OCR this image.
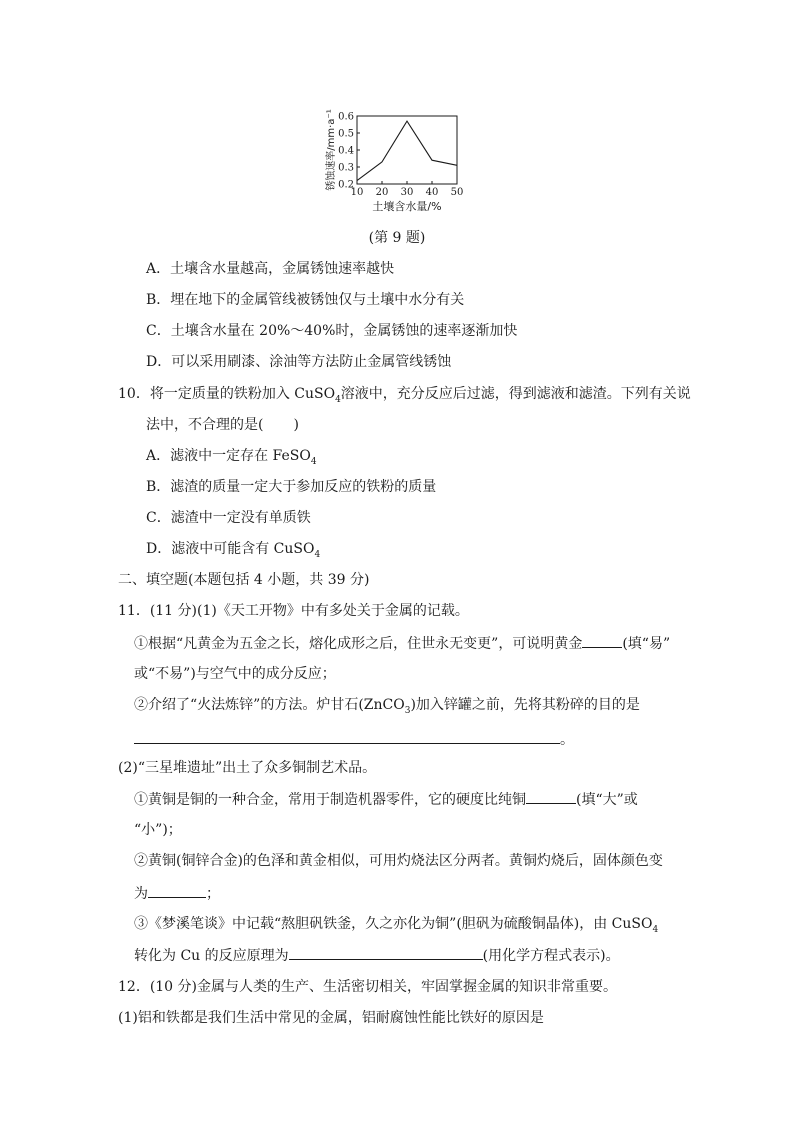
0.2
0.3
0.4
0.5
0.6
10 20 30 40 50
土壤含水量/%
锈蚀速率/mm·a⁻¹
(第 9 题)
A．土壤含水量越高，金属锈蚀速率越快
B．埋在地下的金属管线被锈蚀仅与土壤中水分有关
C．土壤含水量在 20%～40%时，金属锈蚀的速率逐渐加快
D．可以采用刷漆、涂油等方法防止金属管线锈蚀
10．将一定质量的铁粉加入 CuSO$_4$溶液中，充分反应后过滤，得到滤液和滤渣。下列有关说
法中，不合理的是( )
A．滤液中一定存在 FeSO$_4$
B．滤渣的质量一定大于参加反应的铁粉的质量
C．滤渣中一定没有单质铁
D．滤液中可能含有 CuSO$_4$
二、填空题(本题包括 4 小题，共 39 分)
11．(11 分)(1)《天工开物》中有多处关于金属的记载。
①根据“凡黄金为五金之长，熔化成形之后，住世永无变更”，可说明黄金	(填“易”
或“不易”)与空气中的成分反应；
②介绍了“火法炼锌”的方法。炉甘石(ZnCO$_3$)加入锌罐之前，先将其粉碎的目的是
。
(2)“三星堆遗址”出土了众多铜制艺术品。
①黄铜是铜的一种合金，常用于制造机器零件，它的硬度比纯铜	(填“大”或
“小”)；
②黄铜(铜锌合金)的色泽和黄金相似，可用灼烧法区分两者。黄铜灼烧后，固体颜色变
为	；
③《梦溪笔谈》中记载“熬胆矾铁釜，久之亦化为铜”(胆矾为硫酸铜晶体)，由 CuSO$_4$
转化为 Cu 的反应原理为	(用化学方程式表示)。
12．(10 分)金属与人类的生产、生活密切相关，牢固掌握金属的知识非常重要。
(1)铝和铁都是我们生活中常见的金属，铝耐腐蚀性能比铁好的原因是
